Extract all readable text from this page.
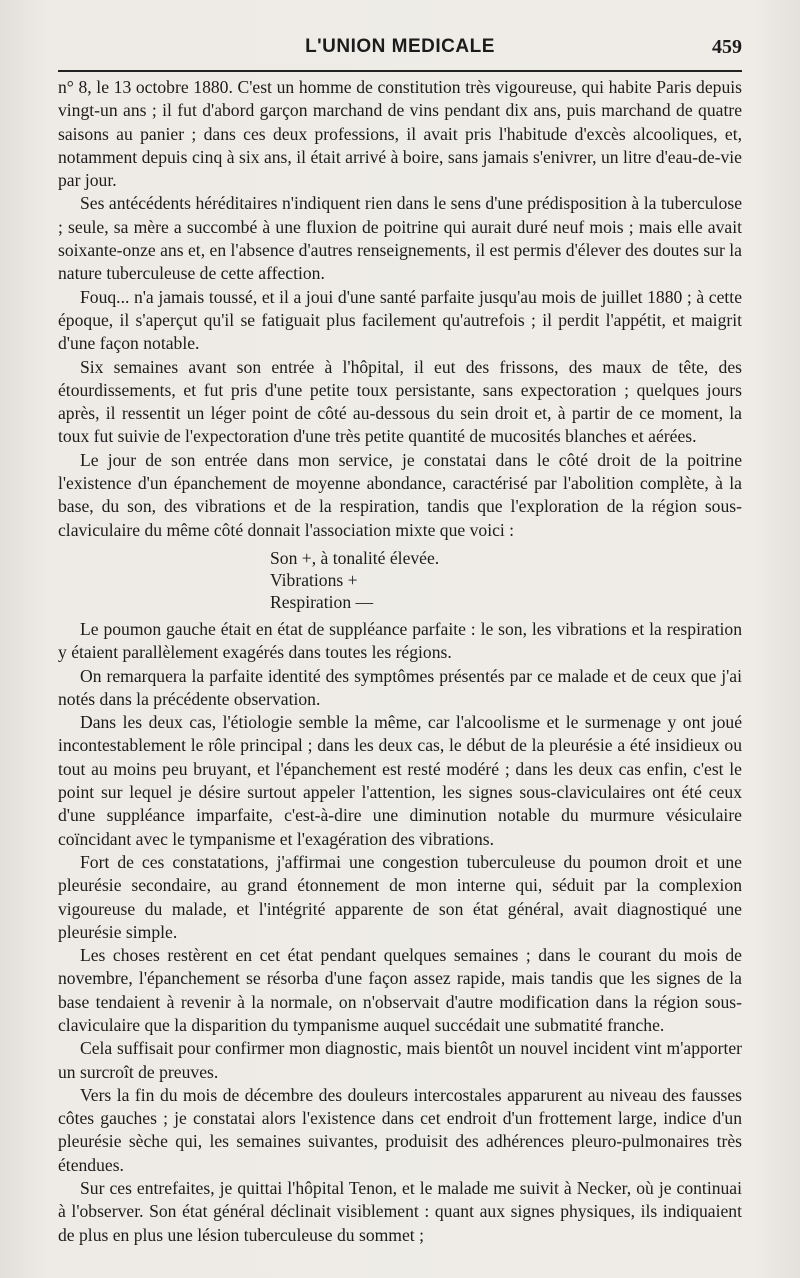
L'UNION MEDICALE	459

n° 8, le 13 octobre 1880. C'est un homme de constitution très vigoureuse, qui habite Paris depuis vingt-un ans ; il fut d'abord garçon marchand de vins pendant dix ans, puis marchand de quatre saisons au panier ; dans ces deux professions, il avait pris l'habitude d'excès alcooliques, et, notamment depuis cinq à six ans, il était arrivé à boire, sans jamais s'enivrer, un litre d'eau-de-vie par jour.

Ses antécédents héréditaires n'indiquent rien dans le sens d'une prédisposition à la tuberculose ; seule, sa mère a succombé à une fluxion de poitrine qui aurait duré neuf mois ; mais elle avait soixante-onze ans et, en l'absence d'autres renseignements, il est permis d'élever des doutes sur la nature tuberculeuse de cette affection.

Fouq... n'a jamais toussé, et il a joui d'une santé parfaite jusqu'au mois de juillet 1880 ; à cette époque, il s'aperçut qu'il se fatiguait plus facilement qu'autrefois ; il perdit l'appétit, et maigrit d'une façon notable.

Six semaines avant son entrée à l'hôpital, il eut des frissons, des maux de tête, des étourdissements, et fut pris d'une petite toux persistante, sans expectoration ; quelques jours après, il ressentit un léger point de côté au-dessous du sein droit et, à partir de ce moment, la toux fut suivie de l'expectoration d'une très petite quantité de mucosités blanches et aérées.

Le jour de son entrée dans mon service, je constatai dans le côté droit de la poitrine l'existence d'un épanchement de moyenne abondance, caractérisé par l'abolition complète, à la base, du son, des vibrations et de la respiration, tandis que l'exploration de la région sous-claviculaire du même côté donnait l'association mixte que voici :

Son +, à tonalité élevée.
Vibrations +
Respiration —

Le poumon gauche était en état de suppléance parfaite : le son, les vibrations et la respiration y étaient parallèlement exagérés dans toutes les régions.

On remarquera la parfaite identité des symptômes présentés par ce malade et de ceux que j'ai notés dans la précédente observation.

Dans les deux cas, l'étiologie semble la même, car l'alcoolisme et le surmenage y ont joué incontestablement le rôle principal ; dans les deux cas, le début de la pleurésie a été insidieux ou tout au moins peu bruyant, et l'épanchement est resté modéré ; dans les deux cas enfin, c'est le point sur lequel je désire surtout appeler l'attention, les signes sous-claviculaires ont été ceux d'une suppléance imparfaite, c'est-à-dire une diminution notable du murmure vésiculaire coïncidant avec le tympanisme et l'exagération des vibrations.

Fort de ces constatations, j'affirmai une congestion tuberculeuse du poumon droit et une pleurésie secondaire, au grand étonnement de mon interne qui, séduit par la complexion vigoureuse du malade, et l'intégrité apparente de son état général, avait diagnostiqué une pleurésie simple.

Les choses restèrent en cet état pendant quelques semaines ; dans le courant du mois de novembre, l'épanchement se résorba d'une façon assez rapide, mais tandis que les signes de la base tendaient à revenir à la normale, on n'observait d'autre modification dans la région sous-claviculaire que la disparition du tympanisme auquel succédait une submatité franche.

Cela suffisait pour confirmer mon diagnostic, mais bientôt un nouvel incident vint m'apporter un surcroît de preuves.

Vers la fin du mois de décembre des douleurs intercostales apparurent au niveau des fausses côtes gauches ; je constatai alors l'existence dans cet endroit d'un frottement large, indice d'un pleurésie sèche qui, les semaines suivantes, produisit des adhérences pleuro-pulmonaires très étendues.

Sur ces entrefaites, je quittai l'hôpital Tenon, et le malade me suivit à Necker, où je continuai à l'observer. Son état général déclinait visiblement : quant aux signes physiques, ils indiquaient de plus en plus une lésion tuberculeuse du sommet ;
